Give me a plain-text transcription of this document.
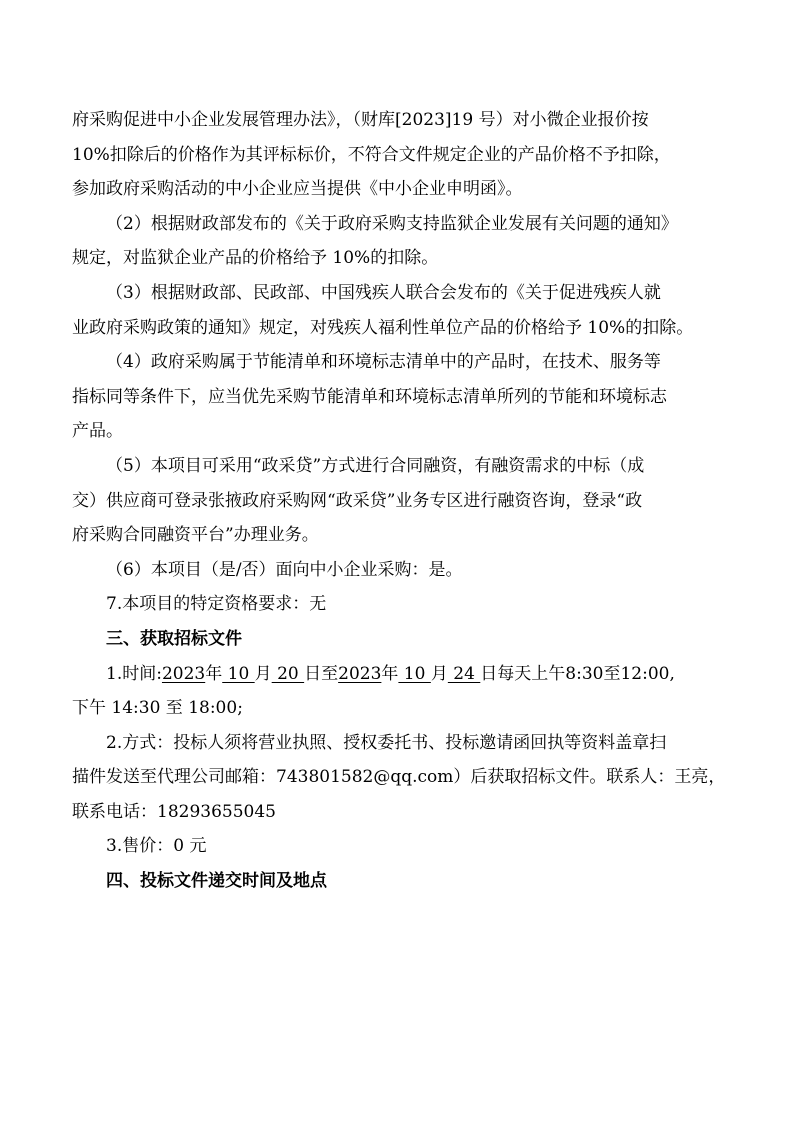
府采购促进中小企业发展管理办法》，（财库[2023]19 号）对小微企业报价按
10%扣除后的价格作为其评标标价，不符合文件规定企业的产品价格不予扣除，
参加政府采购活动的中小企业应当提供《中小企业申明函》。
（2）根据财政部发布的《关于政府采购支持监狱企业发展有关问题的通知》
规定，对监狱企业产品的价格给予 10%的扣除。
（3）根据财政部、民政部、中国残疾人联合会发布的《关于促进残疾人就
业政府采购政策的通知》规定，对残疾人福利性单位产品的价格给予 10%的扣除。
（4）政府采购属于节能清单和环境标志清单中的产品时，在技术、服务等
指标同等条件下，应当优先采购节能清单和环境标志清单所列的节能和环境标志
产品。
（5）本项目可采用“政采贷”方式进行合同融资，有融资需求的中标（成
交）供应商可登录张掖政府采购网“政采贷”业务专区进行融资咨询，登录“政
府采购合同融资平台”办理业务。
（6）本项目（是/否）面向中小企业采购：是。
7.本项目的特定资格要求：无
三、获取招标文件
1.时间:2023年 10 月 20 日至2023年 10 月 24 日每天上午8:30至12:00,
下午 14:30 至 18:00;
2.方式：投标人须将营业执照、授权委托书、投标邀请函回执等资料盖章扫
描件发送至代理公司邮箱：743801582@qq.com）后获取招标文件。联系人：王亮，
联系电话：18293655045
3.售价：0 元
四、投标文件递交时间及地点
